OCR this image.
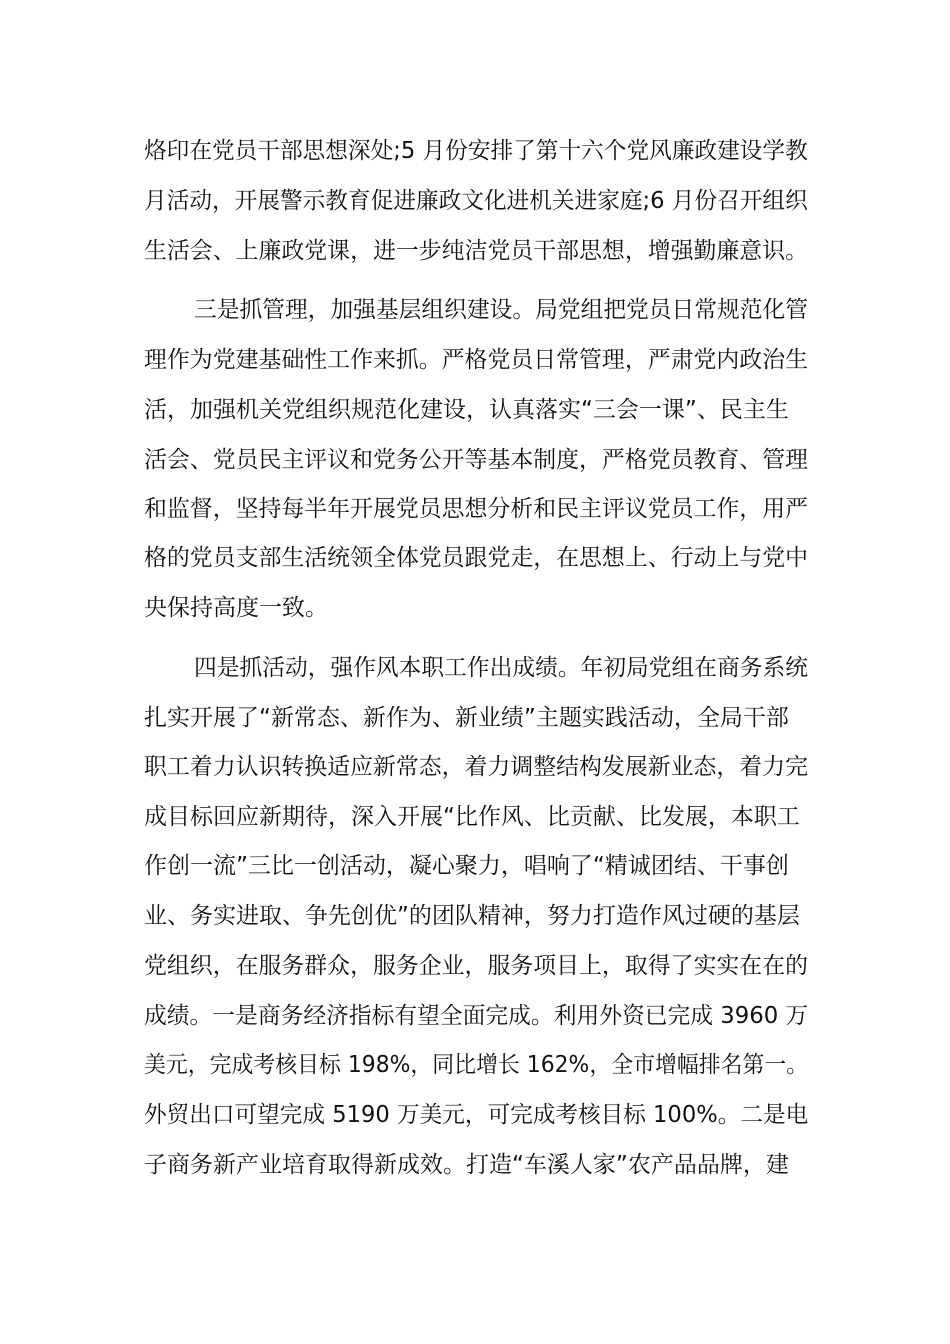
烙印在党员干部思想深处;5 月份安排了第十六个党风廉政建设学教
月活动，开展警示教育促进廉政文化进机关进家庭;6 月份召开组织
生活会、上廉政党课，进一步纯洁党员干部思想，增强勤廉意识。
三是抓管理，加强基层组织建设。局党组把党员日常规范化管
理作为党建基础性工作来抓。严格党员日常管理，严肃党内政治生
活，加强机关党组织规范化建设，认真落实“三会一课”、民主生
活会、党员民主评议和党务公开等基本制度，严格党员教育、管理
和监督，坚持每半年开展党员思想分析和民主评议党员工作，用严
格的党员支部生活统领全体党员跟党走，在思想上、行动上与党中
央保持高度一致。
四是抓活动，强作风本职工作出成绩。年初局党组在商务系统
扎实开展了“新常态、新作为、新业绩”主题实践活动，全局干部
职工着力认识转换适应新常态，着力调整结构发展新业态，着力完
成目标回应新期待，深入开展“比作风、比贡献、比发展，本职工
作创一流”三比一创活动，凝心聚力，唱响了“精诚团结、干事创
业、务实进取、争先创优”的团队精神，努力打造作风过硬的基层
党组织，在服务群众，服务企业，服务项目上，取得了实实在在的
成绩。一是商务经济指标有望全面完成。利用外资已完成 3960 万
美元，完成考核目标 198%，同比增长 162%，全市增幅排名第一。
外贸出口可望完成 5190 万美元，可完成考核目标 100%。二是电
子商务新产业培育取得新成效。打造“车溪人家”农产品品牌，建
